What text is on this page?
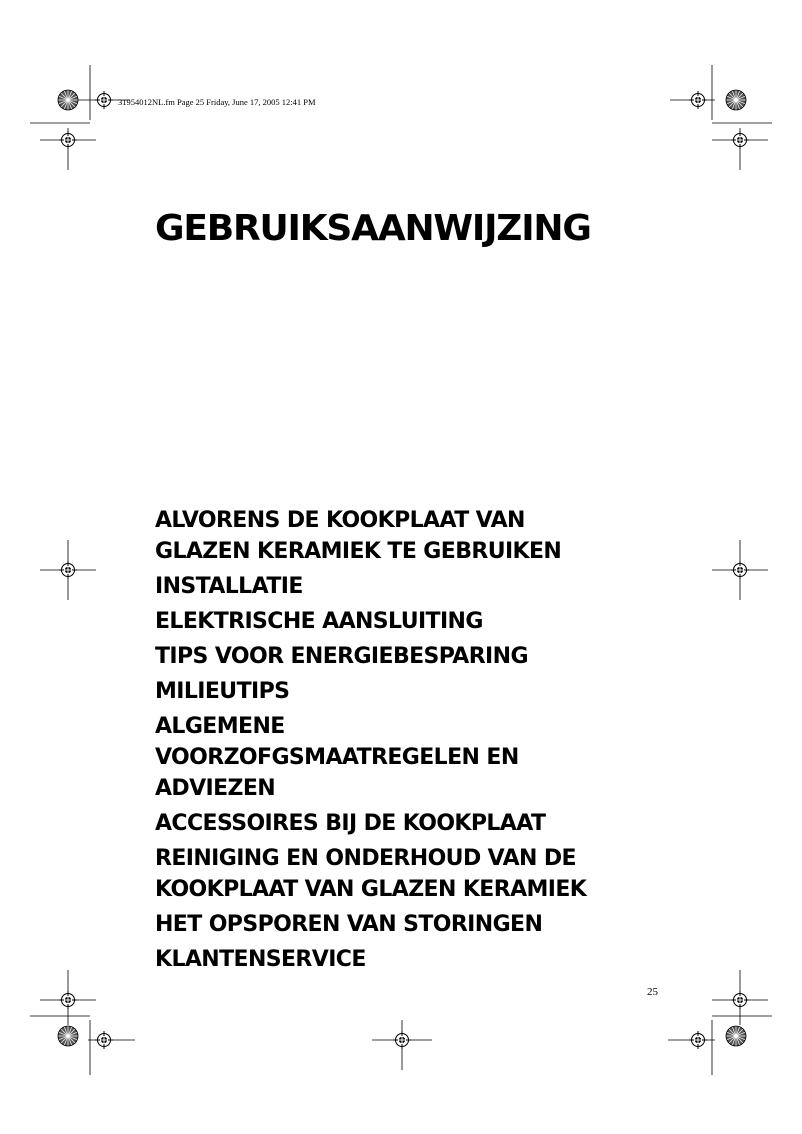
31954012NL.fm Page 25 Friday, June 17, 2005 12:41 PM
GEBRUIKSAANWIJZING
ALVORENS DE KOOKPLAAT VAN
GLAZEN KERAMIEK TE GEBRUIKEN
INSTALLATIE
ELEKTRISCHE AANSLUITING
TIPS VOOR ENERGIEBESPARING
MILIEUTIPS
ALGEMENE
VOORZOFGSMAATREGELEN EN
ADVIEZEN
ACCESSOIRES BIJ DE KOOKPLAAT
REINIGING EN ONDERHOUD VAN DE
KOOKPLAAT VAN GLAZEN KERAMIEK
HET OPSPOREN VAN STORINGEN
KLANTENSERVICE
25
